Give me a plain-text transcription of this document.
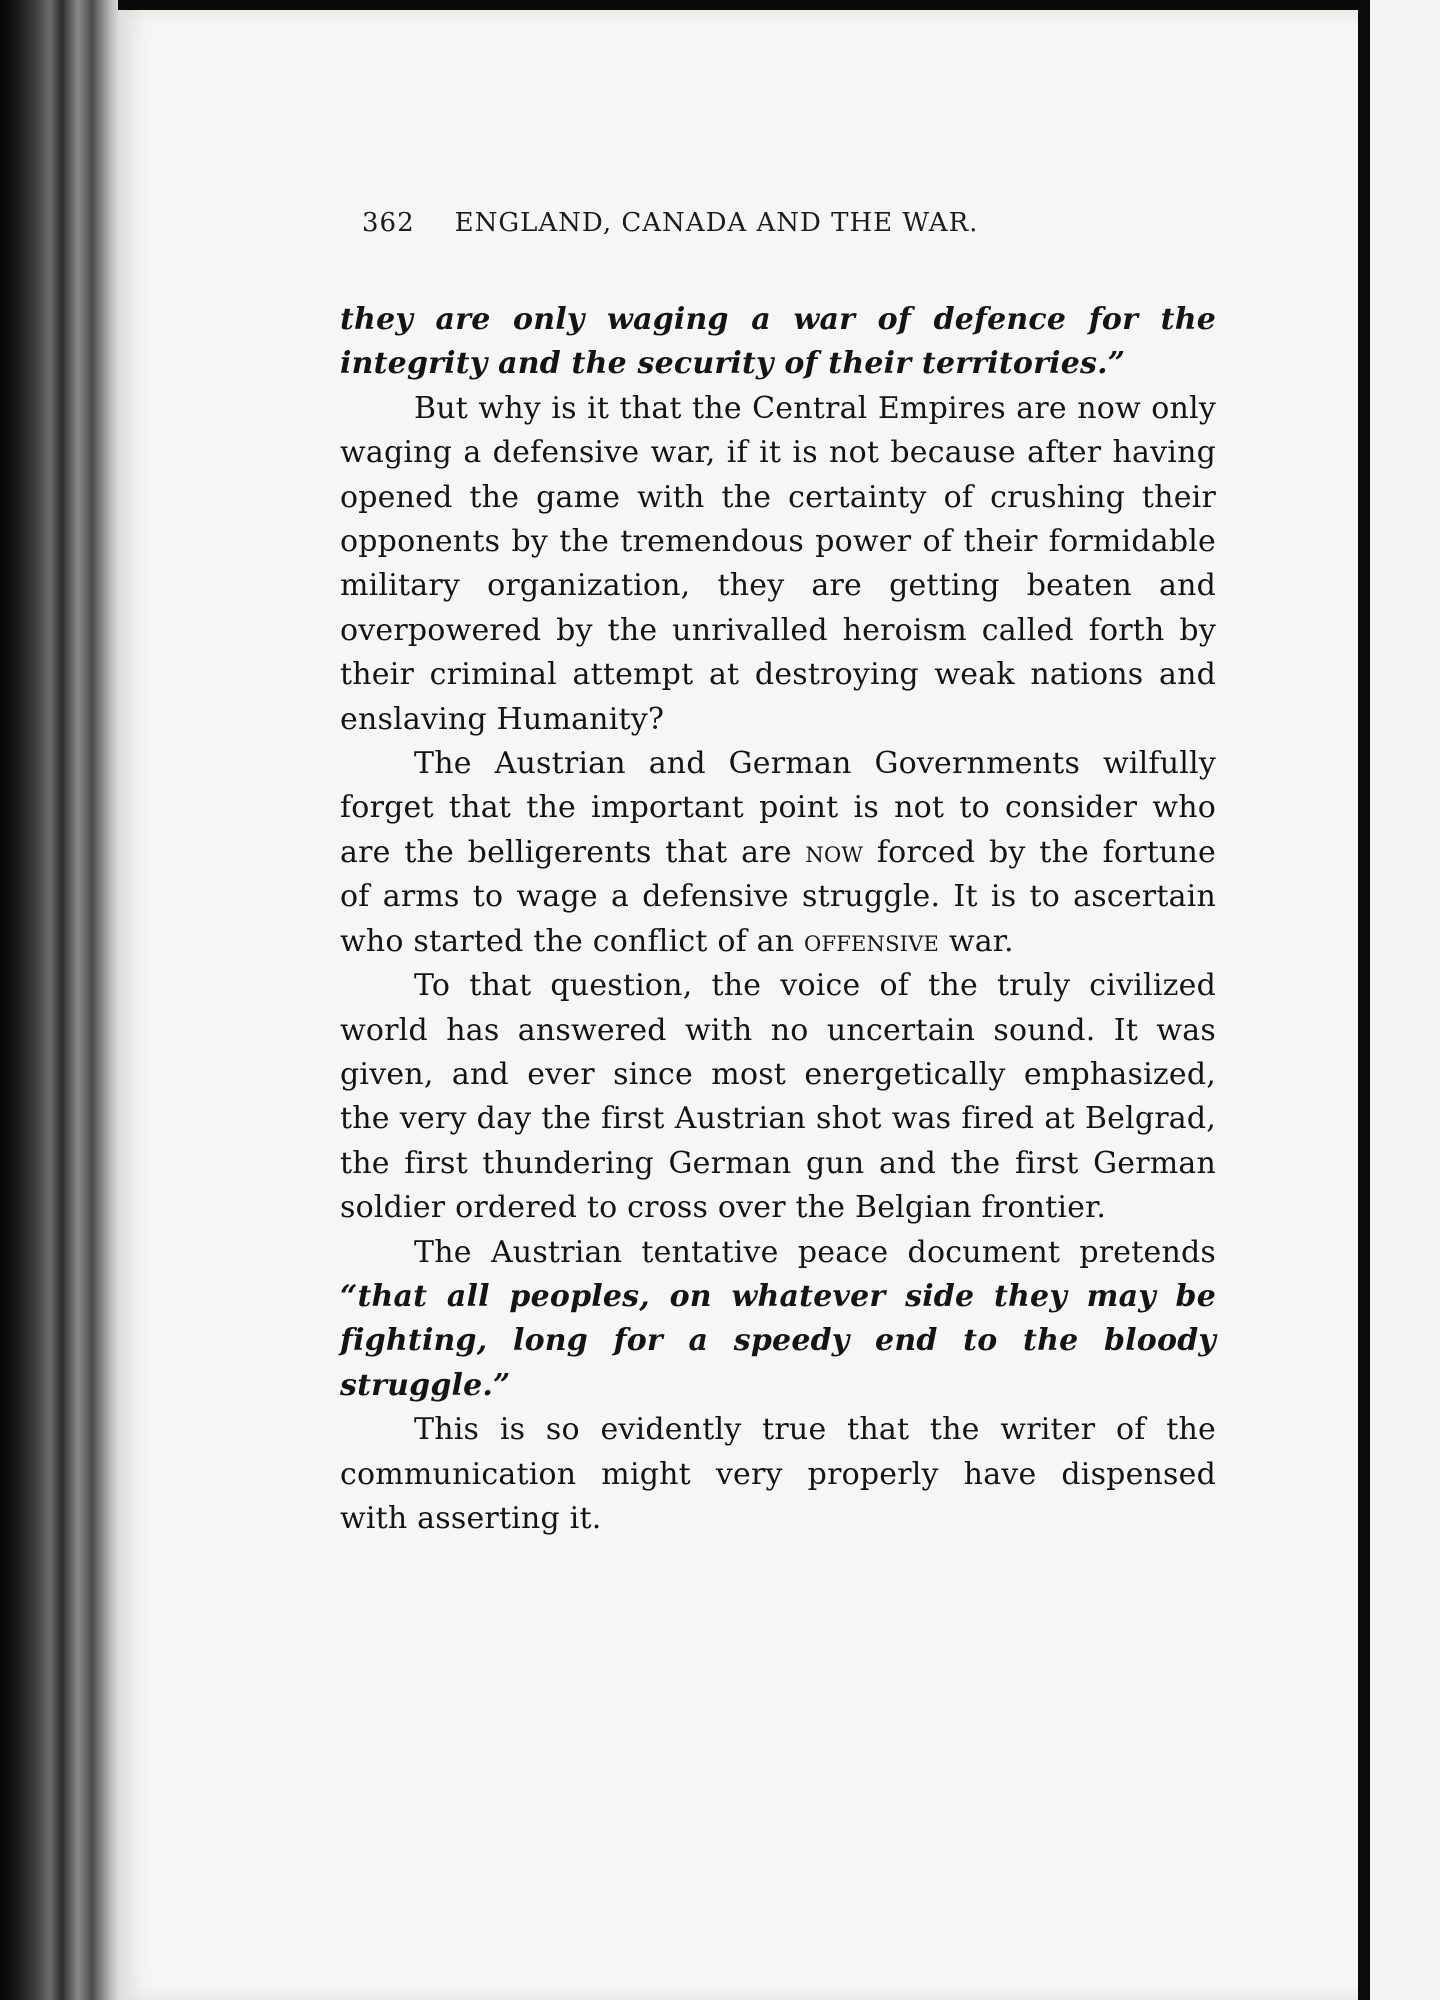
362 ENGLAND, CANADA AND THE WAR.

they are only waging a war of defence for the integrity and the security of their territories.”

But why is it that the Central Empires are now only waging a defensive war, if it is not because after having opened the game with the certainty of crushing their opponents by the tremendous power of their formidable military organization, they are getting beaten and overpowered by the unrivalled heroism called forth by their criminal attempt at destroying weak nations and enslaving Humanity?

The Austrian and German Governments wilfully forget that the important point is not to consider who are the belligerents that are now forced by the fortune of arms to wage a defensive struggle. It is to ascertain who started the conflict of an offensive war.

To that question, the voice of the truly civilized world has answered with no uncertain sound. It was given, and ever since most energetically emphasized, the very day the first Austrian shot was fired at Belgrad, the first thundering German gun and the first German soldier ordered to cross over the Belgian frontier.

The Austrian tentative peace document pretends “that all peoples, on whatever side they may be fighting, long for a speedy end to the bloody struggle.”

This is so evidently true that the writer of the communication might very properly have dispensed with asserting it.
